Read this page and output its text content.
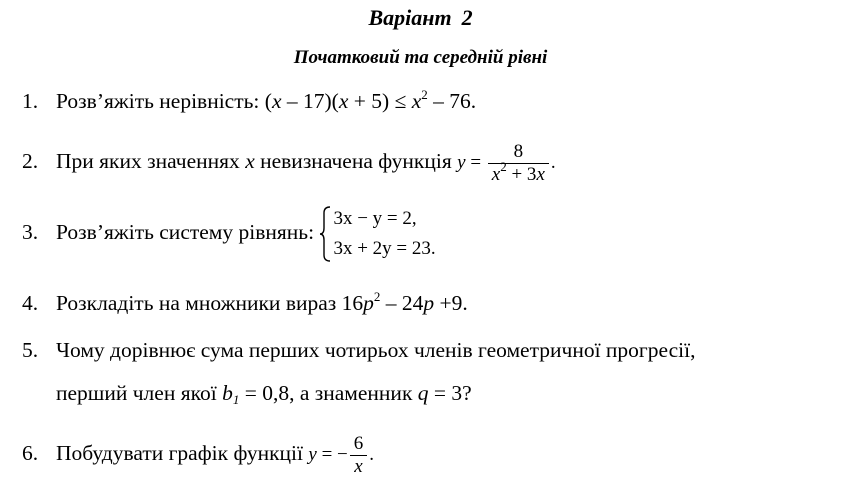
Варіант 2
Початковий та середній рівні
1. Розв’яжіть нерівність: $(x - 17)(x + 5) \le x^2 - 76$.
2. При яких значеннях x невизначена функція $y = \frac{8}{x^2 + 3x}$ .
3. Розв’яжіть систему рівнянь:
3x − y = 2,
3x + 2y = 23.
4. Розкладіть на множники вираз $16p^2 - 24p +9$.
5. Чому дорівнює сума перших чотирьох членів геометричної прогресії,
перший член якої $b_1 = 0,8$, а знаменник q = 3?
6. Побудувати графік функції y = − $\frac{6}{x}$ .
